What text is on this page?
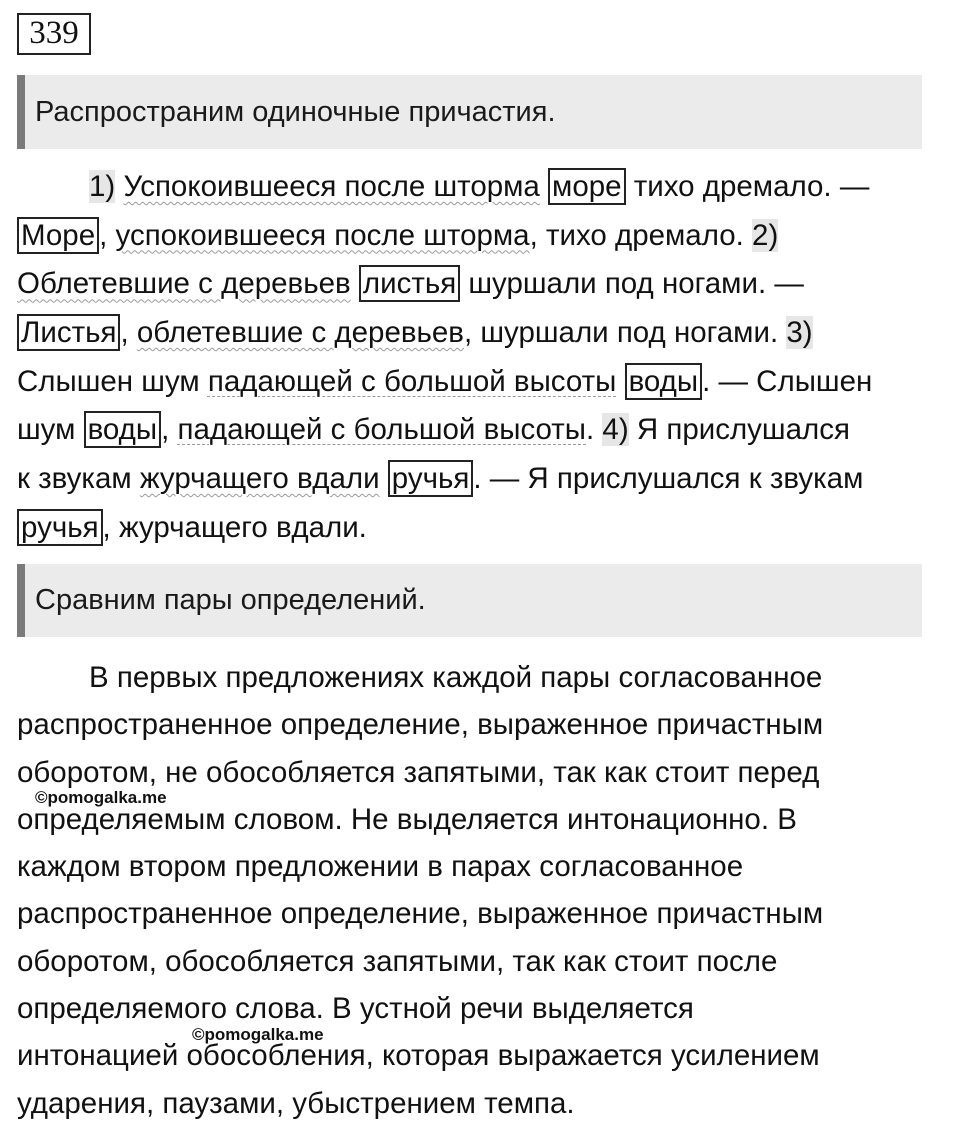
339
Распространим одиночные причастия.
1) Успокоившееся после шторма море тихо дремало. —
Море , успокоившееся после шторма, тихо дремало. 2)
Облетевшие с деревьев листья шуршали под ногами. —
Листья , облетевшие с деревьев, шуршали под ногами. 3)
Слышен шум падающей с большой высоты воды . — Слышен
шум воды , падающей с большой высоты. 4) Я прислушался
к звукам журчащего вдали ручья . — Я прислушался к звукам
ручья , журчащего вдали.
Сравним пары определений.
В первых предложениях каждой пары согласованное
распространенное определение, выраженное причастным
оборотом, не обособляется запятыми, так как стоит перед
определяемым словом. Не выделяется интонационно. В
каждом втором предложении в парах согласованное
распространенное определение, выраженное причастным
оборотом, обособляется запятыми, так как стоит после
определяемого слова. В устной речи выделяется
интонацией обособления, которая выражается усилением
ударения, паузами, убыстрением темпа.
©pomogalka.me
©pomogalka.me
